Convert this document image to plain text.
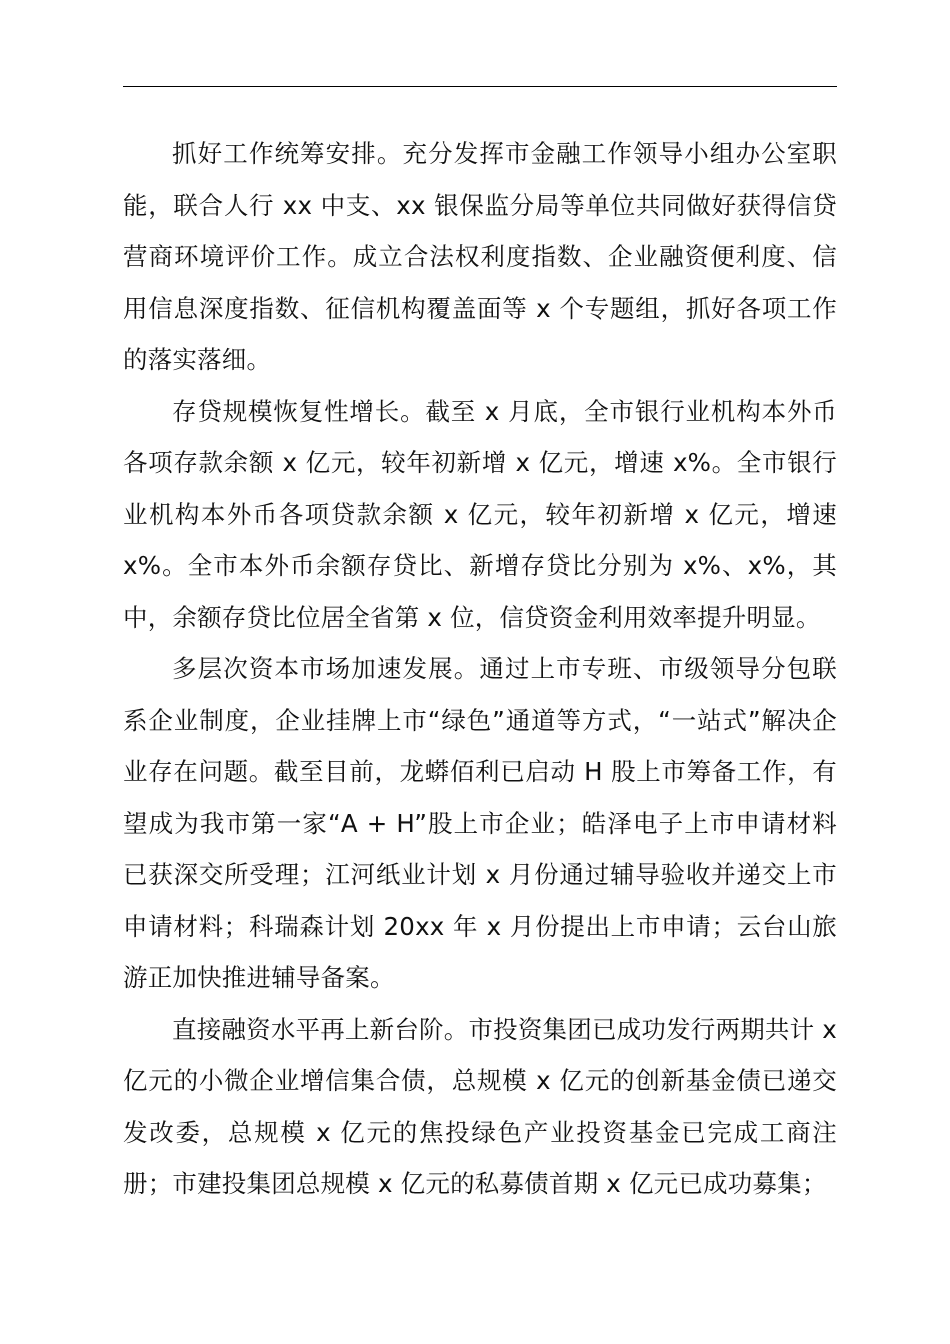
抓好工作统筹安排。充分发挥市金融工作领导小组办公室职能，联合人行 xx 中支、xx 银保监分局等单位共同做好获得信贷营商环境评价工作。成立合法权利度指数、企业融资便利度、信用信息深度指数、征信机构覆盖面等 x 个专题组，抓好各项工作的落实落细。

存贷规模恢复性增长。截至 x 月底，全市银行业机构本外币各项存款余额 x 亿元，较年初新增 x 亿元，增速 x%。全市银行业机构本外币各项贷款余额 x 亿元，较年初新增 x 亿元，增速 x%。全市本外币余额存贷比、新增存贷比分别为 x%、x%，其中，余额存贷比位居全省第 x 位，信贷资金利用效率提升明显。

多层次资本市场加速发展。通过上市专班、市级领导分包联系企业制度，企业挂牌上市“绿色”通道等方式，“一站式”解决企业存在问题。截至目前，龙蟒佰利已启动 H 股上市筹备工作，有望成为我市第一家“A + H”股上市企业；皓泽电子上市申请材料已获深交所受理；江河纸业计划 x 月份通过辅导验收并递交上市申请材料；科瑞森计划 20xx 年 x 月份提出上市申请；云台山旅游正加快推进辅导备案。

直接融资水平再上新台阶。市投资集团已成功发行两期共计 x 亿元的小微企业增信集合债，总规模 x 亿元的创新基金债已递交发改委，总规模 x 亿元的焦投绿色产业投资基金已完成工商注册；市建投集团总规模 x 亿元的私募债首期 x 亿元已成功募集；
